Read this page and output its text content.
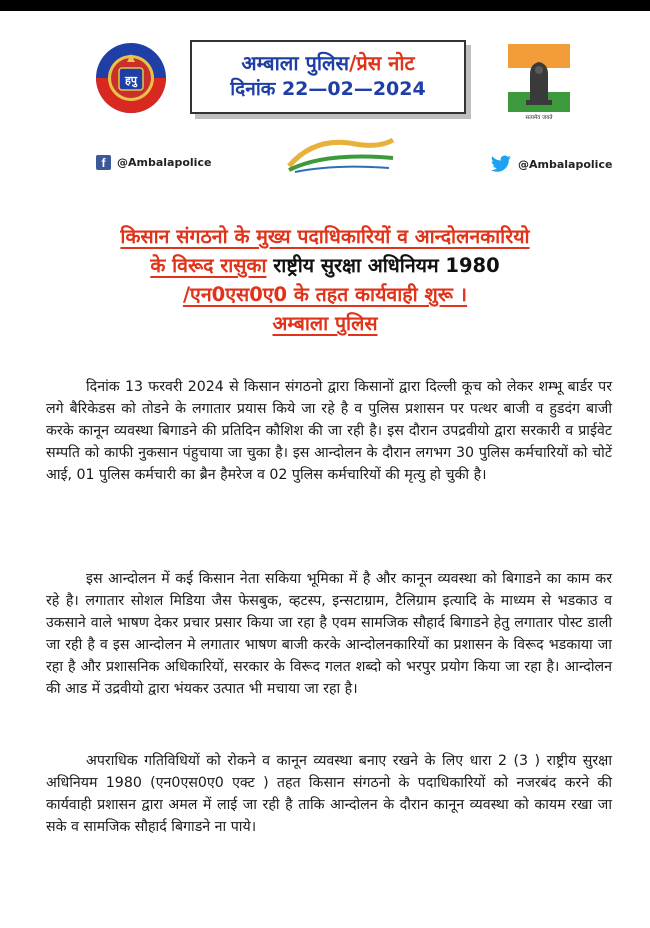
हपु
अम्बाला पुलिस/प्रेस नोट
दिनांक 22—02—2024
सत्यमेव जयते
f	@Ambalapolice	@Ambalapolice
किसान संगठनो के मुख्य पदाधिकारियों व आन्दोलनकारियो
के विरूद रासुका राष्ट्रीय सुरक्षा अधिनियम 1980
/एन0एस0ए0 के तहत कार्यवाही शुरू ।
अम्बाला पुलिस

दिनांक 13 फरवरी 2024 से किसान संगठनो द्वारा किसानों द्वारा दिल्ली कूच को लेकर शम्भू बार्डर पर लगे बैरिकेडस को तोडने के लगातार प्रयास किये जा रहे है व पुलिस प्रशासन पर पत्थर बाजी व हुडदंग बाजी करके कानून व्यवस्था बिगाडने की प्रतिदिन कौशिश की जा रही है। इस दौरान उपद्रवीयो द्वारा सरकारी व प्राईवेट सम्पति को काफी नुकसान पंहुचाया जा चुका है। इस आन्दोलन के दौरान लगभग 30 पुलिस कर्मचारियों को चोटें आई, 01 पुलिस कर्मचारी का ब्रैन हैमरेज व 02 पुलिस कर्मचारियों की मृत्यु हो चुकी है।

इस आन्दोलन में कई किसान नेता सकिया भूमिका में है और कानून व्यवस्था को बिगाडने का काम कर रहे है। लगातार सोशल मिडिया जैस फेसबुक, व्हटस्प, इन्सटाग्राम, टैलिग्राम इत्यादि के माध्यम से भडकाउ व उकसाने वाले भाषण देकर प्रचार प्रसार किया जा रहा है एवम सामजिक सौहार्द बिगाडने हेतु लगातार पोस्ट डाली जा रही है व इस आन्दोलन मे लगातार भाषण बाजी करके आन्दोलनकारियों का प्रशासन के विरूद भडकाया जा रहा है और प्रशासनिक अधिकारियों, सरकार के विरूद गलत शब्दो को भरपुर प्रयोग किया जा रहा है। आन्दोलन की आड में उद्रवीयो द्वारा भंयकर उत्पात भी मचाया जा रहा है।

अपराधिक गतिविधियों को रोकने व कानून व्यवस्था बनाए रखने के लिए धारा 2 (3 ) राष्ट्रीय सुरक्षा अधिनियम 1980 (एन0एस0ए0 एक्ट ) तहत किसान संगठनो के पदाधिकारियों को नजरबंद करने की कार्यवाही प्रशासन द्वारा अमल में लाई जा रही है ताकि आन्दोलन के दौरान कानून व्यवस्था को कायम रखा जा सके व सामजिक सौहार्द बिगाडने ना पाये।
